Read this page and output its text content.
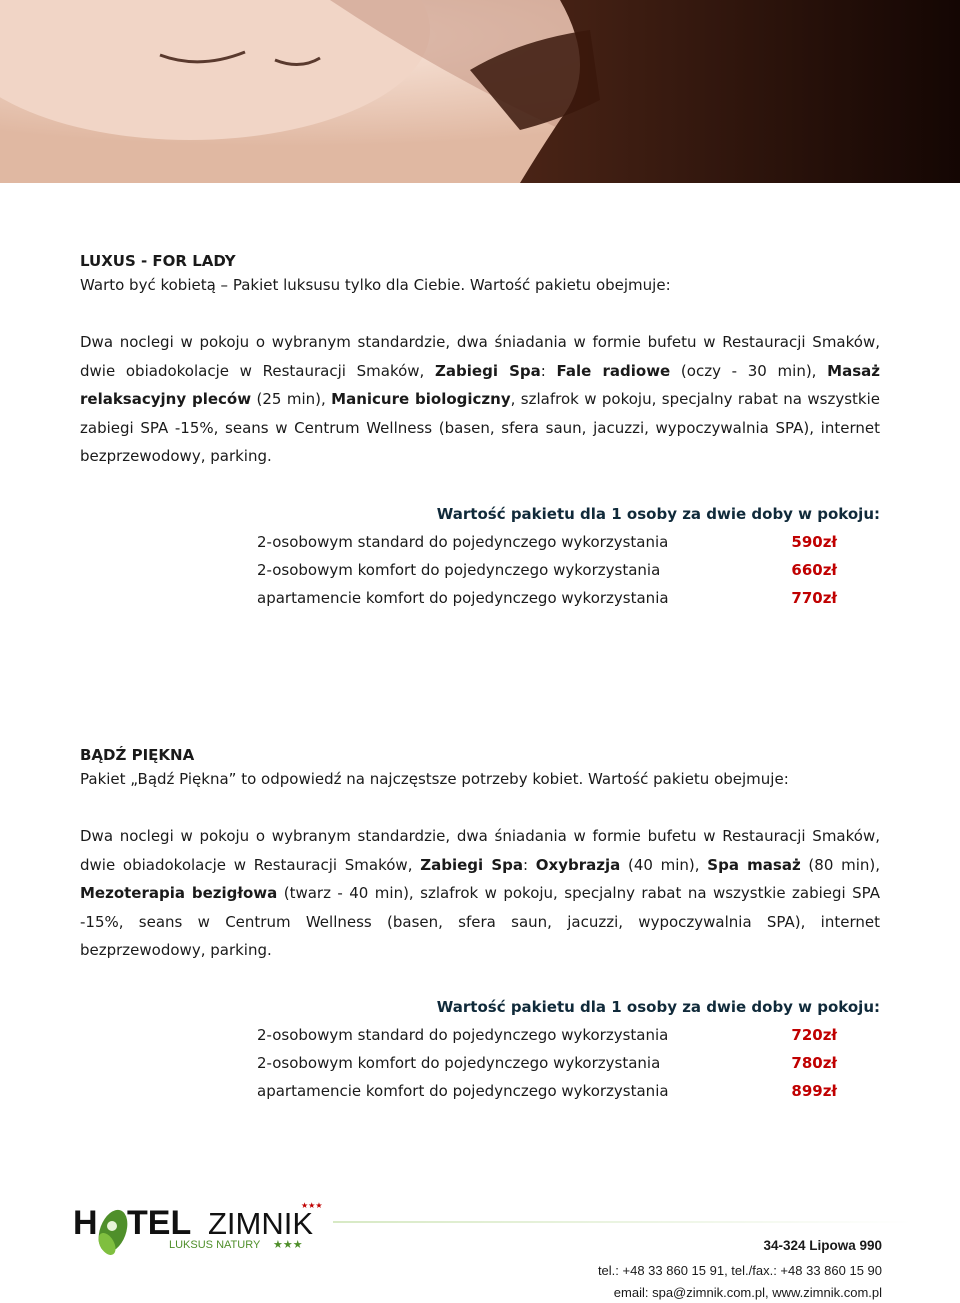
LUXUS - FOR LADY
Warto być kobietą – Pakiet luksusu tylko dla Ciebie. Wartość pakietu obejmuje:
Dwa noclegi w pokoju o wybranym standardzie, dwa śniadania w formie bufetu w Restauracji Smaków, dwie obiadokolacje w Restauracji Smaków, Zabiegi Spa: Fale radiowe (oczy - 30 min), Masaż relaksacyjny pleców (25 min), Manicure biologiczny, szlafrok w pokoju, specjalny rabat na wszystkie zabiegi SPA -15%, seans w Centrum Wellness (basen, sfera saun, jacuzzi, wypoczywalnia SPA), internet bezprzewodowy, parking.
Wartość pakietu dla 1 osoby za dwie doby w pokoju:
2-osobowym standard do pojedynczego wykorzystania	590zł
2-osobowym komfort do pojedynczego wykorzystania	660zł
apartamencie komfort do pojedynczego wykorzystania	770zł
BĄDŹ PIĘKNA
Pakiet „Bądź Piękna” to odpowiedź na najczęstsze potrzeby kobiet. Wartość pakietu obejmuje:
Dwa noclegi w pokoju o wybranym standardzie, dwa śniadania w formie bufetu w Restauracji Smaków, dwie obiadokolacje w Restauracji Smaków, Zabiegi Spa: Oxybrazja (40 min), Spa masaż (80 min), Mezoterapia bezigłowa (twarz - 40 min), szlafrok w pokoju, specjalny rabat na wszystkie zabiegi SPA -15%, seans w Centrum Wellness (basen, sfera saun, jacuzzi, wypoczywalnia SPA), internet bezprzewodowy, parking.
Wartość pakietu dla 1 osoby za dwie doby w pokoju:
2-osobowym standard do pojedynczego wykorzystania	720zł
2-osobowym komfort do pojedynczego wykorzystania	780zł
apartamencie komfort do pojedynczego wykorzystania	899zł
H TEL ZIMNIK
★★★
LUKSUS NATURY ★★★	34-324 Lipowa 990
tel.: +48 33 860 15 91, tel./fax.: +48 33 860 15 90
email: spa@zimnik.com.pl, www.zimnik.com.pl
